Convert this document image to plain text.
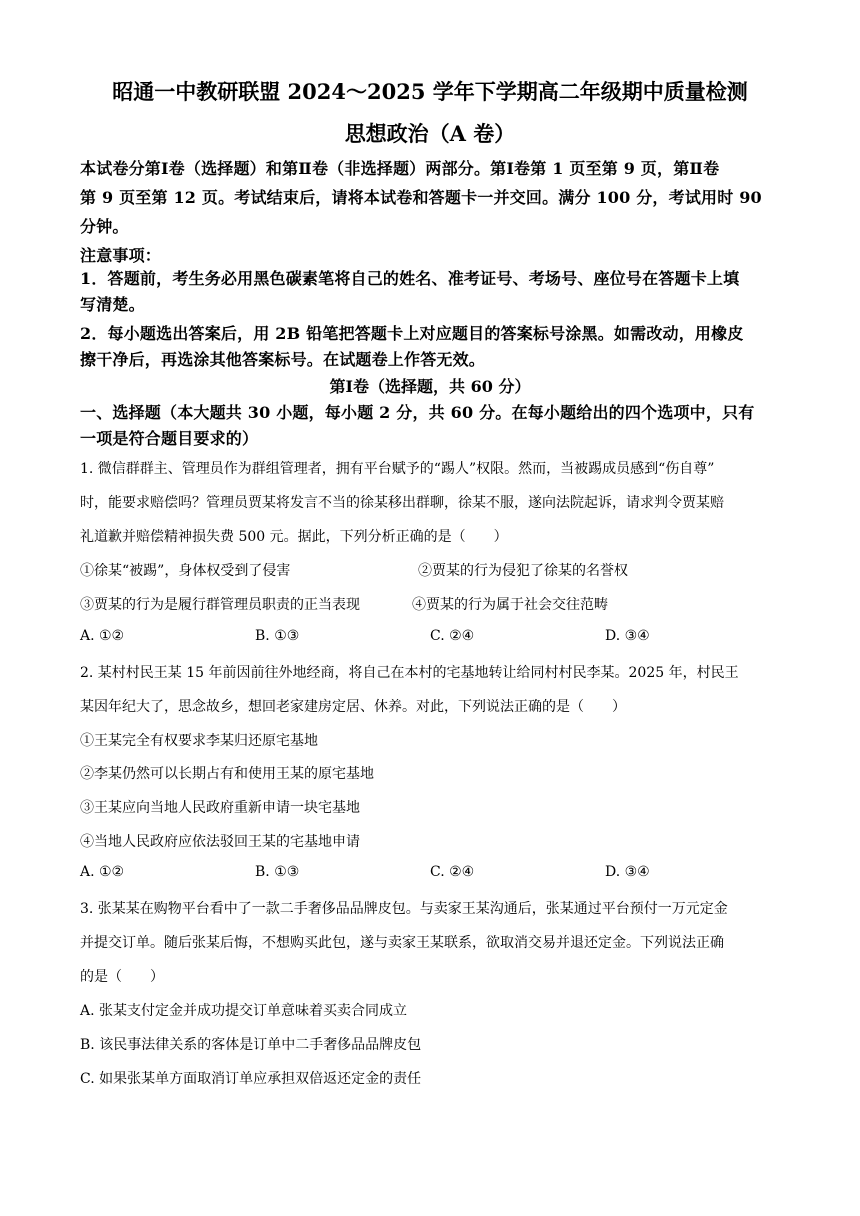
昭通一中教研联盟 2024～2025 学年下学期高二年级期中质量检测
思想政治（A 卷）
本试卷分第Ⅰ卷（选择题）和第Ⅱ卷（非选择题）两部分。第Ⅰ卷第 1 页至第 9 页，第Ⅱ卷
第 9 页至第 12 页。考试结束后，请将本试卷和答题卡一并交回。满分 100 分，考试用时 90
分钟。
注意事项：
1．答题前，考生务必用黑色碳素笔将自己的姓名、准考证号、考场号、座位号在答题卡上填
写清楚。
2．每小题选出答案后，用 2B 铅笔把答题卡上对应题目的答案标号涂黑。如需改动，用橡皮
擦干净后，再选涂其他答案标号。在试题卷上作答无效。
第Ⅰ卷（选择题，共 60 分）
一、选择题（本大题共 30 小题，每小题 2 分，共 60 分。在每小题给出的四个选项中，只有
一项是符合题目要求的）
1. 微信群群主、管理员作为群组管理者，拥有平台赋予的“踢人”权限。然而，当被踢成员感到“伤自尊”
时，能要求赔偿吗？管理员贾某将发言不当的徐某移出群聊，徐某不服，遂向法院起诉，请求判令贾某赔
礼道歉并赔偿精神损失费 500 元。据此，下列分析正确的是（　　）
①徐某“被踢”，身体权受到了侵害	②贾某的行为侵犯了徐某的名誉权
③贾某的行为是履行群管理员职责的正当表现	④贾某的行为属于社会交往范畴
A. ①②	B. ①③	C. ②④	D. ③④
2. 某村村民王某 15 年前因前往外地经商，将自己在本村的宅基地转让给同村村民李某。2025 年，村民王
某因年纪大了，思念故乡，想回老家建房定居、休养。对此，下列说法正确的是（　　）
①王某完全有权要求李某归还原宅基地
②李某仍然可以长期占有和使用王某的原宅基地
③王某应向当地人民政府重新申请一块宅基地
④当地人民政府应依法驳回王某的宅基地申请
A. ①②	B. ①③	C. ②④	D. ③④
3. 张某某在购物平台看中了一款二手奢侈品品牌皮包。与卖家王某沟通后，张某通过平台预付一万元定金
并提交订单。随后张某后悔，不想购买此包，遂与卖家王某联系，欲取消交易并退还定金。下列说法正确
的是（　　）
A. 张某支付定金并成功提交订单意味着买卖合同成立
B. 该民事法律关系的客体是订单中二手奢侈品品牌皮包
C. 如果张某单方面取消订单应承担双倍返还定金的责任
